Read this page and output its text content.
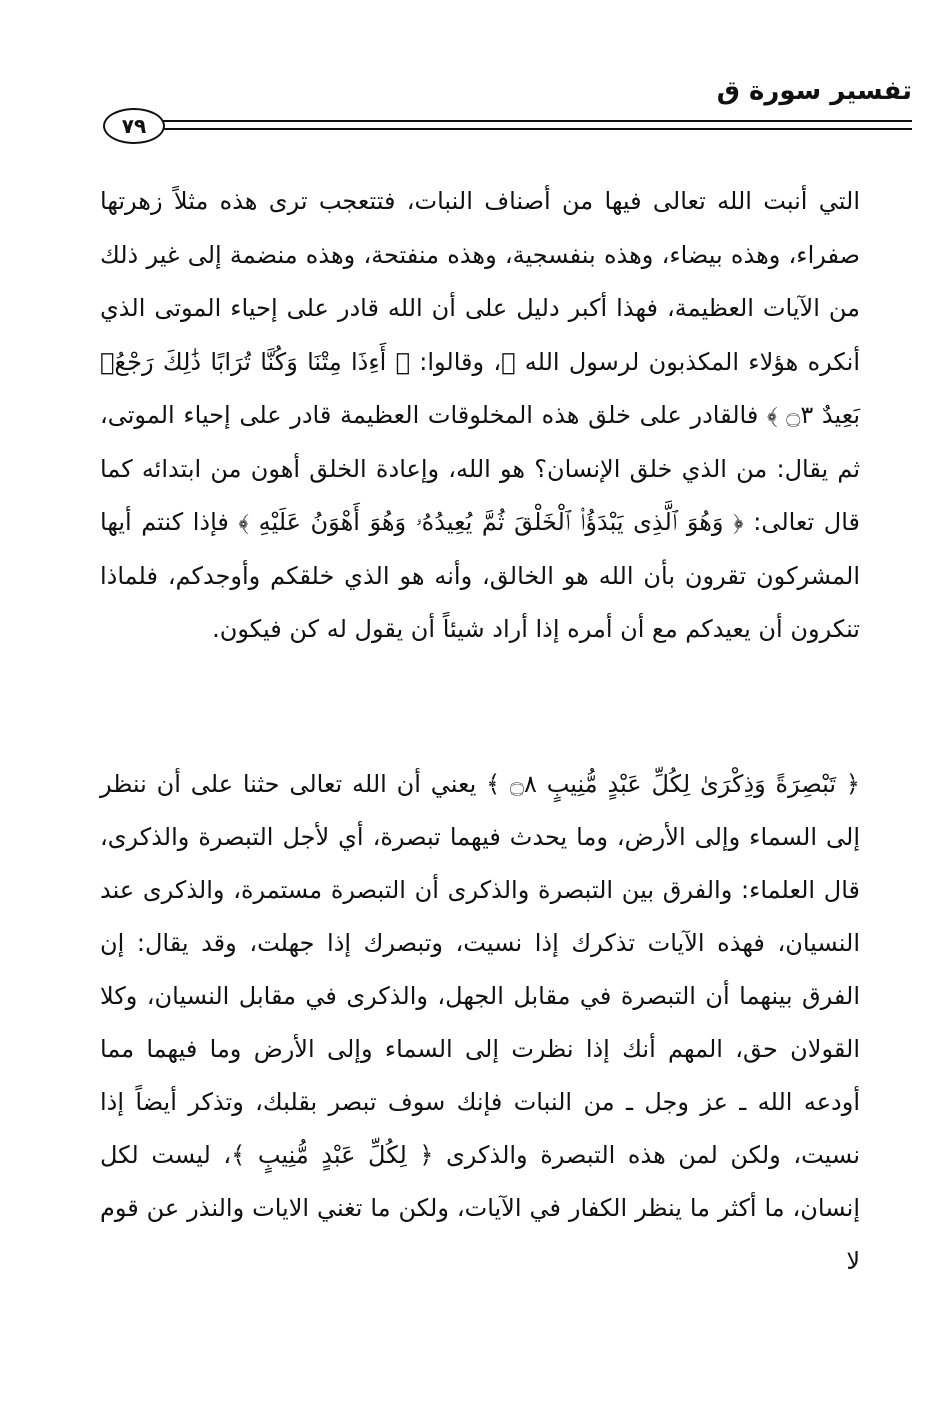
تفسير سورة ق
٧٩

التي أنبت الله تعالى فيها من أصناف النبات، فتتعجب ترى هذه مثلاً زهرتها صفراء، وهذه بيضاء، وهذه بنفسجية، وهذه منفتحة، وهذه منضمة إلى غير ذلك من الآيات العظيمة، فهذا أكبر دليل على أن الله قادر على إحياء الموتى الذي أنكره هؤلاء المكذبون لرسول الله ﷺ، وقالوا: ﴿ أَءِذَا مِتْنَا وَكُنَّا تُرَابًا ذَٰلِكَ رَجْعُۢ بَعِيدٌ ۝٣ ﴾ فالقادر على خلق هذه المخلوقات العظيمة قادر على إحياء الموتى، ثم يقال: من الذي خلق الإنسان؟ هو الله، وإعادة الخلق أهون من ابتدائه كما قال تعالى: ﴿ وَهُوَ ٱلَّذِى يَبْدَؤُا۟ ٱلْخَلْقَ ثُمَّ يُعِيدُهُۥ وَهُوَ أَهْوَنُ عَلَيْهِ ﴾ فإذا كنتم أيها المشركون تقرون بأن الله هو الخالق، وأنه هو الذي خلقكم وأوجدكم، فلماذا تنكرون أن يعيدكم مع أن أمره إذا أراد شيئاً أن يقول له كن فيكون.

﴿ تَبْصِرَةً وَذِكْرَىٰ لِكُلِّ عَبْدٍ مُّنِيبٍ ۝٨ ﴾ يعني أن الله تعالى حثنا على أن ننظر إلى السماء وإلى الأرض، وما يحدث فيهما تبصرة، أي لأجل التبصرة والذكرى، قال العلماء: والفرق بين التبصرة والذكرى أن التبصرة مستمرة، والذكرى عند النسيان، فهذه الآيات تذكرك إذا نسيت، وتبصرك إذا جهلت، وقد يقال: إن الفرق بينهما أن التبصرة في مقابل الجهل، والذكرى في مقابل النسيان، وكلا القولان حق، المهم أنك إذا نظرت إلى السماء وإلى الأرض وما فيهما مما أودعه الله ـ عز وجل ـ من النبات فإنك سوف تبصر بقلبك، وتذكر أيضاً إذا نسيت، ولكن لمن هذه التبصرة والذكرى ﴿ لِكُلِّ عَبْدٍ مُّنِيبٍ ﴾، ليست لكل إنسان، ما أكثر ما ينظر الكفار في الآيات، ولكن ما تغني الايات والنذر عن قوم لا
